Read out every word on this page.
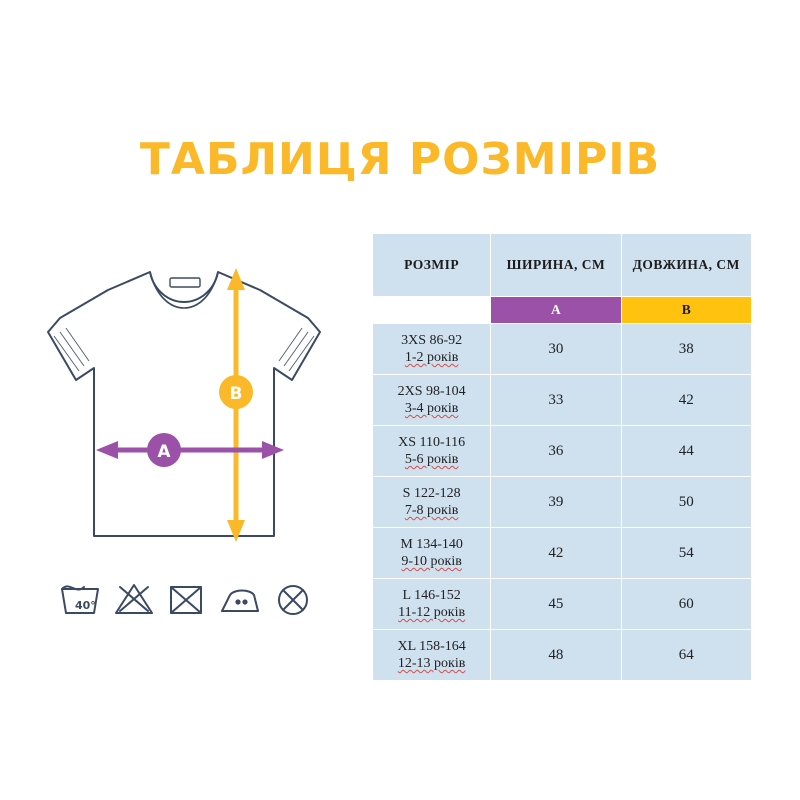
ТАБЛИЦЯ РОЗМІРІВ
B
A
40°
РОЗМІР	ШИРИНА, СМ	ДОВЖИНА, СМ
	A	B

3XS 86-92
1-2 років	30	38

2XS 98-104
3-4 років	33	42

XS 110-116
5-6 років	36	44

S 122-128
7-8 років	39	50

M 134-140
9-10 років	42	54

L 146-152
11-12 років	45	60

XL 158-164
12-13 років	48	64
